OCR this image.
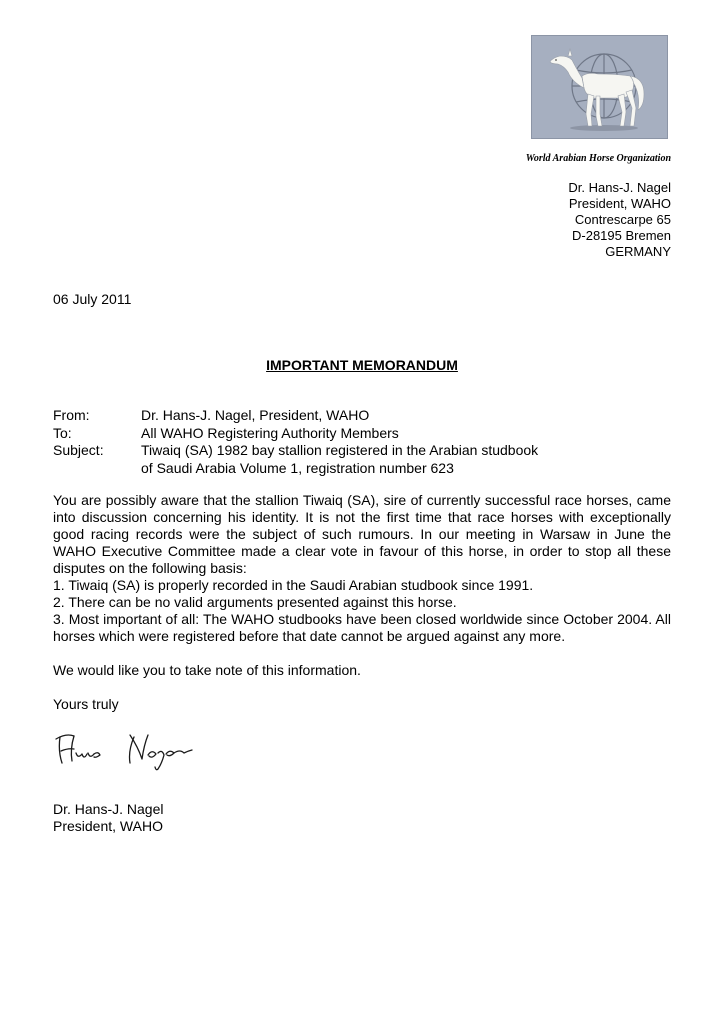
World Arabian Horse Organization
Dr. Hans-J. Nagel
President, WAHO
Contrescarpe 65
D-28195 Bremen
GERMANY
06 July 2011
IMPORTANT MEMORANDUM
From:	Dr. Hans-J. Nagel, President, WAHO
To:	All WAHO Registering Authority Members
Subject:	Tiwaiq (SA) 1982 bay stallion registered in the Arabian studbook
of Saudi Arabia Volume 1, registration number 623

You are possibly aware that the stallion Tiwaiq (SA), sire of currently successful race horses, came into discussion concerning his identity. It is not the first time that race horses with exceptionally good racing records were the subject of such rumours. In our meeting in Warsaw in June the WAHO Executive Committee made a clear vote in favour of this horse, in order to stop all these disputes on the following basis:

1. Tiwaiq (SA) is properly recorded in the Saudi Arabian studbook since 1991.

2. There can be no valid arguments presented against this horse.

3. Most important of all: The WAHO studbooks have been closed worldwide since October 2004. All horses which were registered before that date cannot be argued against any more.

We would like you to take note of this information.

Yours truly

Dr. Hans-J. Nagel
President, WAHO
